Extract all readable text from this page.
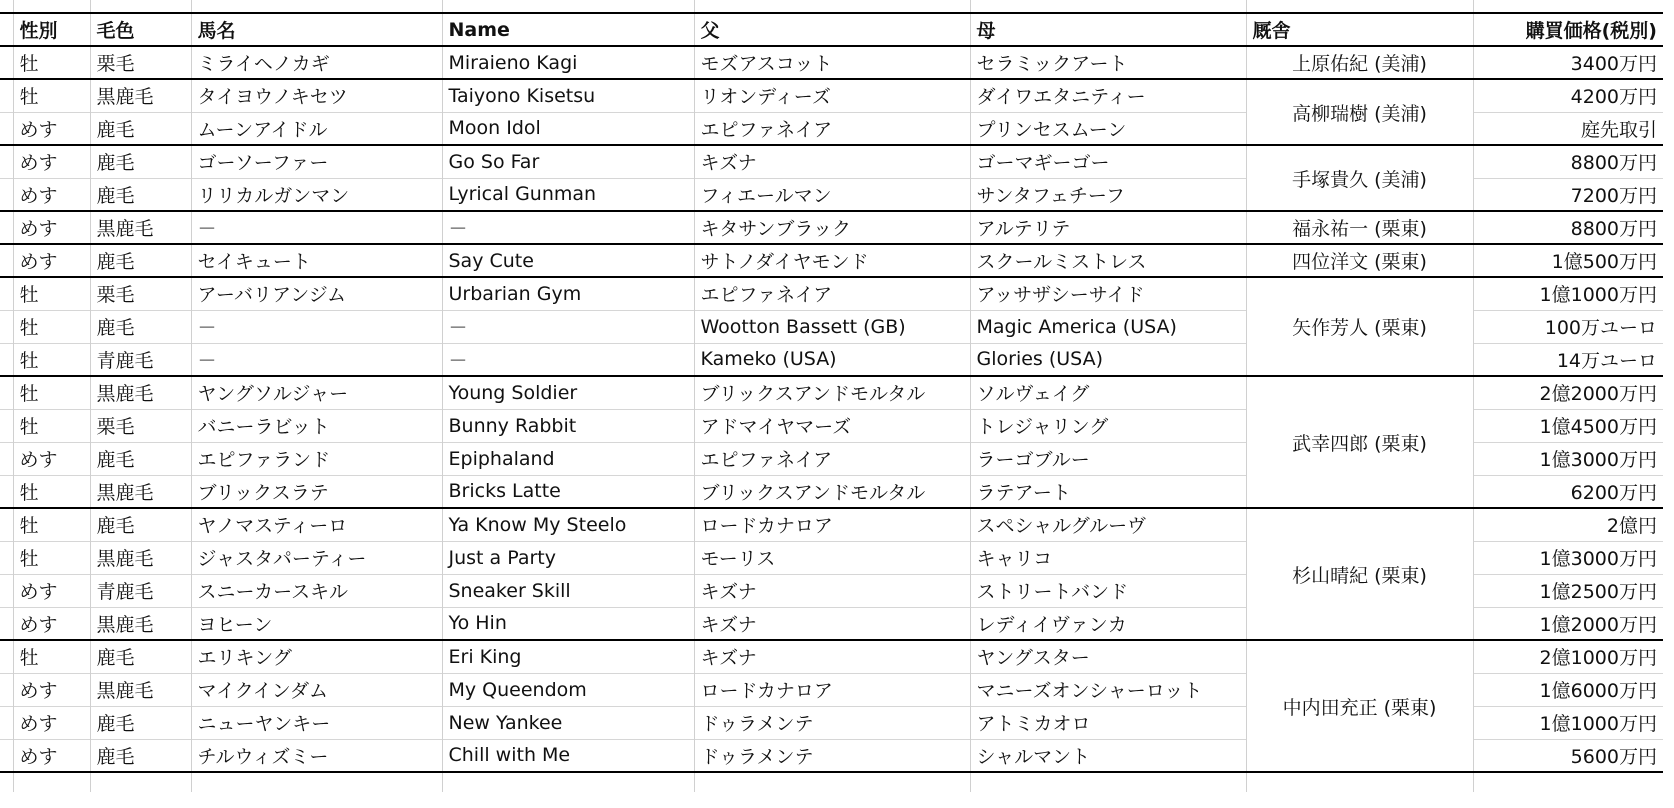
	性別	毛色	馬名	Name	父	母	厩舎	購買価格(税別)
	牡	栗毛	ミライヘノカギ	Miraieno Kagi	モズアスコット	セラミックアート	上原佑紀 (美浦)	3400万円
	牡	黒鹿毛	タイヨウノキセツ	Taiyono Kisetsu	リオンディーズ	ダイワエタニティー	高柳瑞樹 (美浦)	4200万円
	めす	鹿毛	ムーンアイドル	Moon Idol	エピファネイア	プリンセスムーン		庭先取引
	めす	鹿毛	ゴーソーファー	Go So Far	キズナ	ゴーマギーゴー	手塚貴久 (美浦)	8800万円
	めす	鹿毛	リリカルガンマン	Lyrical Gunman	フィエールマン	サンタフェチーフ		7200万円
	めす	黒鹿毛	－	－	キタサンブラック	アルテリテ	福永祐一 (栗東)	8800万円
	めす	鹿毛	セイキュート	Say Cute	サトノダイヤモンド	スクールミストレス	四位洋文 (栗東)	1億500万円
	牡	栗毛	アーバリアンジム	Urbarian Gym	エピファネイア	アッサザシーサイド	矢作芳人 (栗東)	1億1000万円
	牡	鹿毛	－	－	Wootton Bassett (GB)	Magic America (USA)		100万ユーロ
	牡	青鹿毛	－	－	Kameko (USA)	Glories (USA)		14万ユーロ
	牡	黒鹿毛	ヤングソルジャー	Young Soldier	ブリックスアンドモルタル	ソルヴェイグ	武幸四郎 (栗東)	2億2000万円
	牡	栗毛	バニーラビット	Bunny Rabbit	アドマイヤマーズ	トレジャリング		1億4500万円
	めす	鹿毛	エピファランド	Epiphaland	エピファネイア	ラーゴブルー		1億3000万円
	牡	黒鹿毛	ブリックスラテ	Bricks Latte	ブリックスアンドモルタル	ラテアート		6200万円
	牡	鹿毛	ヤノマスティーロ	Ya Know My Steelo	ロードカナロア	スペシャルグルーヴ	杉山晴紀 (栗東)	2億円
	牡	黒鹿毛	ジャスタパーティー	Just a Party	モーリス	キャリコ		1億3000万円
	めす	青鹿毛	スニーカースキル	Sneaker Skill	キズナ	ストリートバンド		1億2500万円
	めす	黒鹿毛	ヨヒーン	Yo Hin	キズナ	レディイヴァンカ		1億2000万円
	牡	鹿毛	エリキング	Eri King	キズナ	ヤングスター	中内田充正 (栗東)	2億1000万円
	めす	黒鹿毛	マイクインダム	My Queendom	ロードカナロア	マニーズオンシャーロット		1億6000万円
	めす	鹿毛	ニューヤンキー	New Yankee	ドゥラメンテ	アトミカオロ		1億1000万円
	めす	鹿毛	チルウィズミー	Chill with Me	ドゥラメンテ	シャルマント		5600万円
